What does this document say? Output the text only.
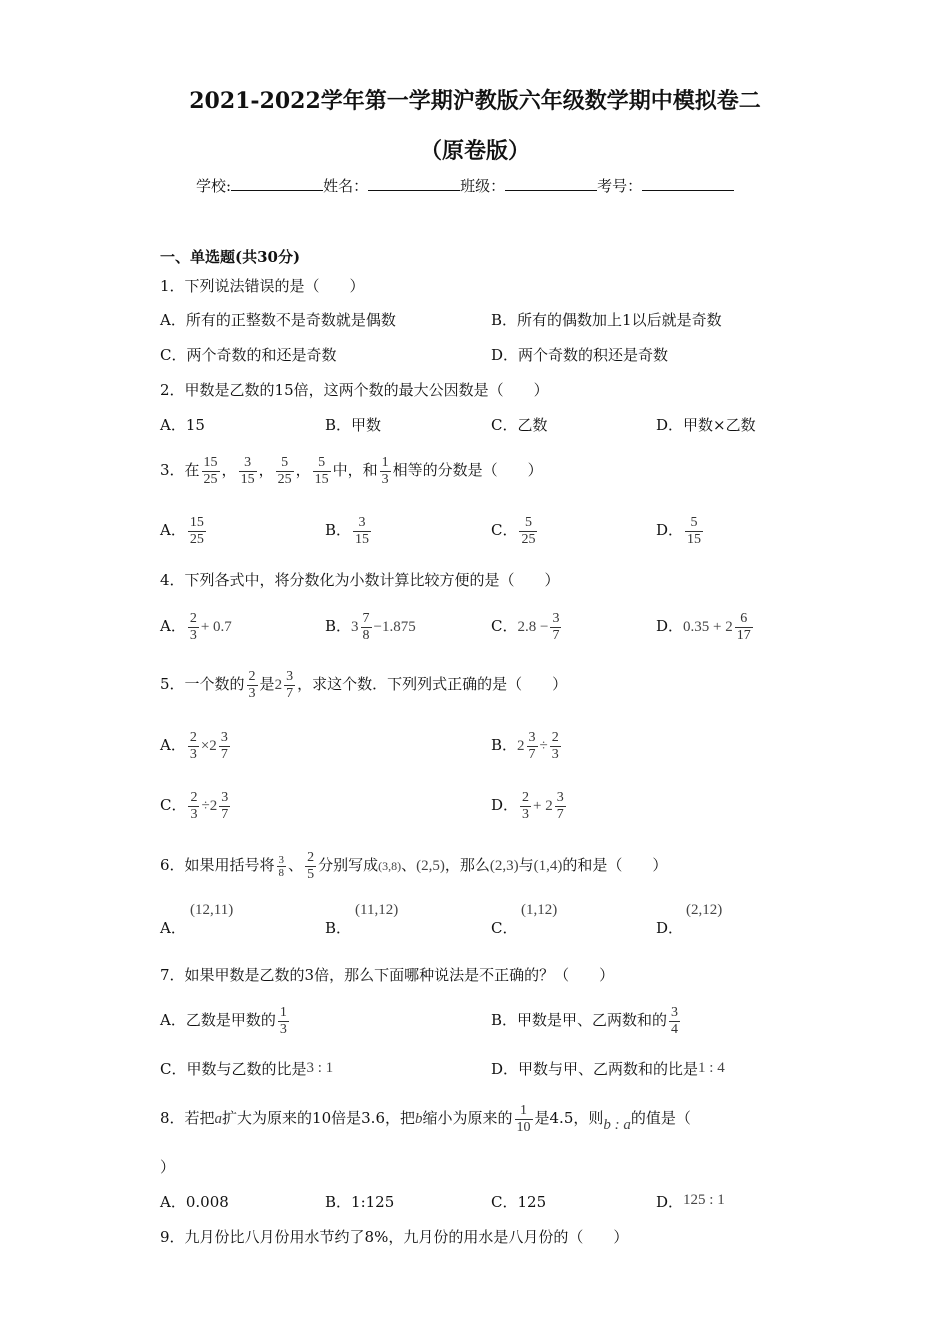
2021-2022学年第一学期沪教版六年级数学期中模拟卷二
（原卷版）
学校:	姓名：	班级：	考号：
一、单选题(共30分)
1．下列说法错误的是（　　）
A．所有的正整数不是奇数就是偶数	B．所有的偶数加上1以后就是奇数
C．两个奇数的和还是奇数	D．两个奇数的积还是奇数
2．甲数是乙数的15倍，这两个数的最大公因数是（　　）
A．15	B．甲数	C．乙数	D．甲数×乙数
3．在 $\frac{15}{25}$ ， $\frac{3}{15}$ ， $\frac{5}{25}$ ， $\frac{5}{15}$ 中，和 $\frac{1}{3}$ 相等的分数是（　　）
A． $\frac{15}{25}$	B． $\frac{3}{15}$	C． $\frac{5}{25}$	D． $\frac{5}{15}$
4．下列各式中，将分数化为小数计算比较方便的是（　　）
A． $\frac{2}{3} + 0.7$	B．$3 \frac{7}{8} -1.875$	C．$2.8 - \frac{3}{7}$	D．$0.35 + 2 \frac{6}{17}$
5．一个数的 $\frac{2}{3}$ 是$2 \frac{3}{7}$ ，求这个数．下列列式正确的是（　　）
A． $\frac{2}{3} \times 2 \frac{3}{7}$	B．$2 \frac{3}{7} \div \frac{2}{3}$
C． $\frac{2}{3} \div 2 \frac{3}{7}$	D． $\frac{2}{3} + 2 \frac{3}{7}$
6．如果用括号将 $\frac{3}{8}$ 、 $\frac{2}{5}$ 分别写成(3,8)、(2,5)，那么(2,3)与(1,4)的和是（　　）
A．
(12,11)
B．
(11,12)
C．
(1,12)
D．
(2,12)
7．如果甲数是乙数的3倍，那么下面哪种说法是不正确的？（　　）
A．乙数是甲数的 $\frac{1}{3}$	B．甲数是甲、乙两数和的 $\frac{3}{4}$
C．甲数与乙数的比是3 : 1	D．甲数与甲、乙两数和的比是1 : 4
8．若把a扩大为原来的10倍是3.6，把b缩小为原来的 $\frac{1}{10}$ 是4.5，则b : a的值是（
）
A．0.008	B．1:125	C．125	D．125 : 1
9．九月份比八月份用水节约了8%，九月份的用水是八月份的（　　）
